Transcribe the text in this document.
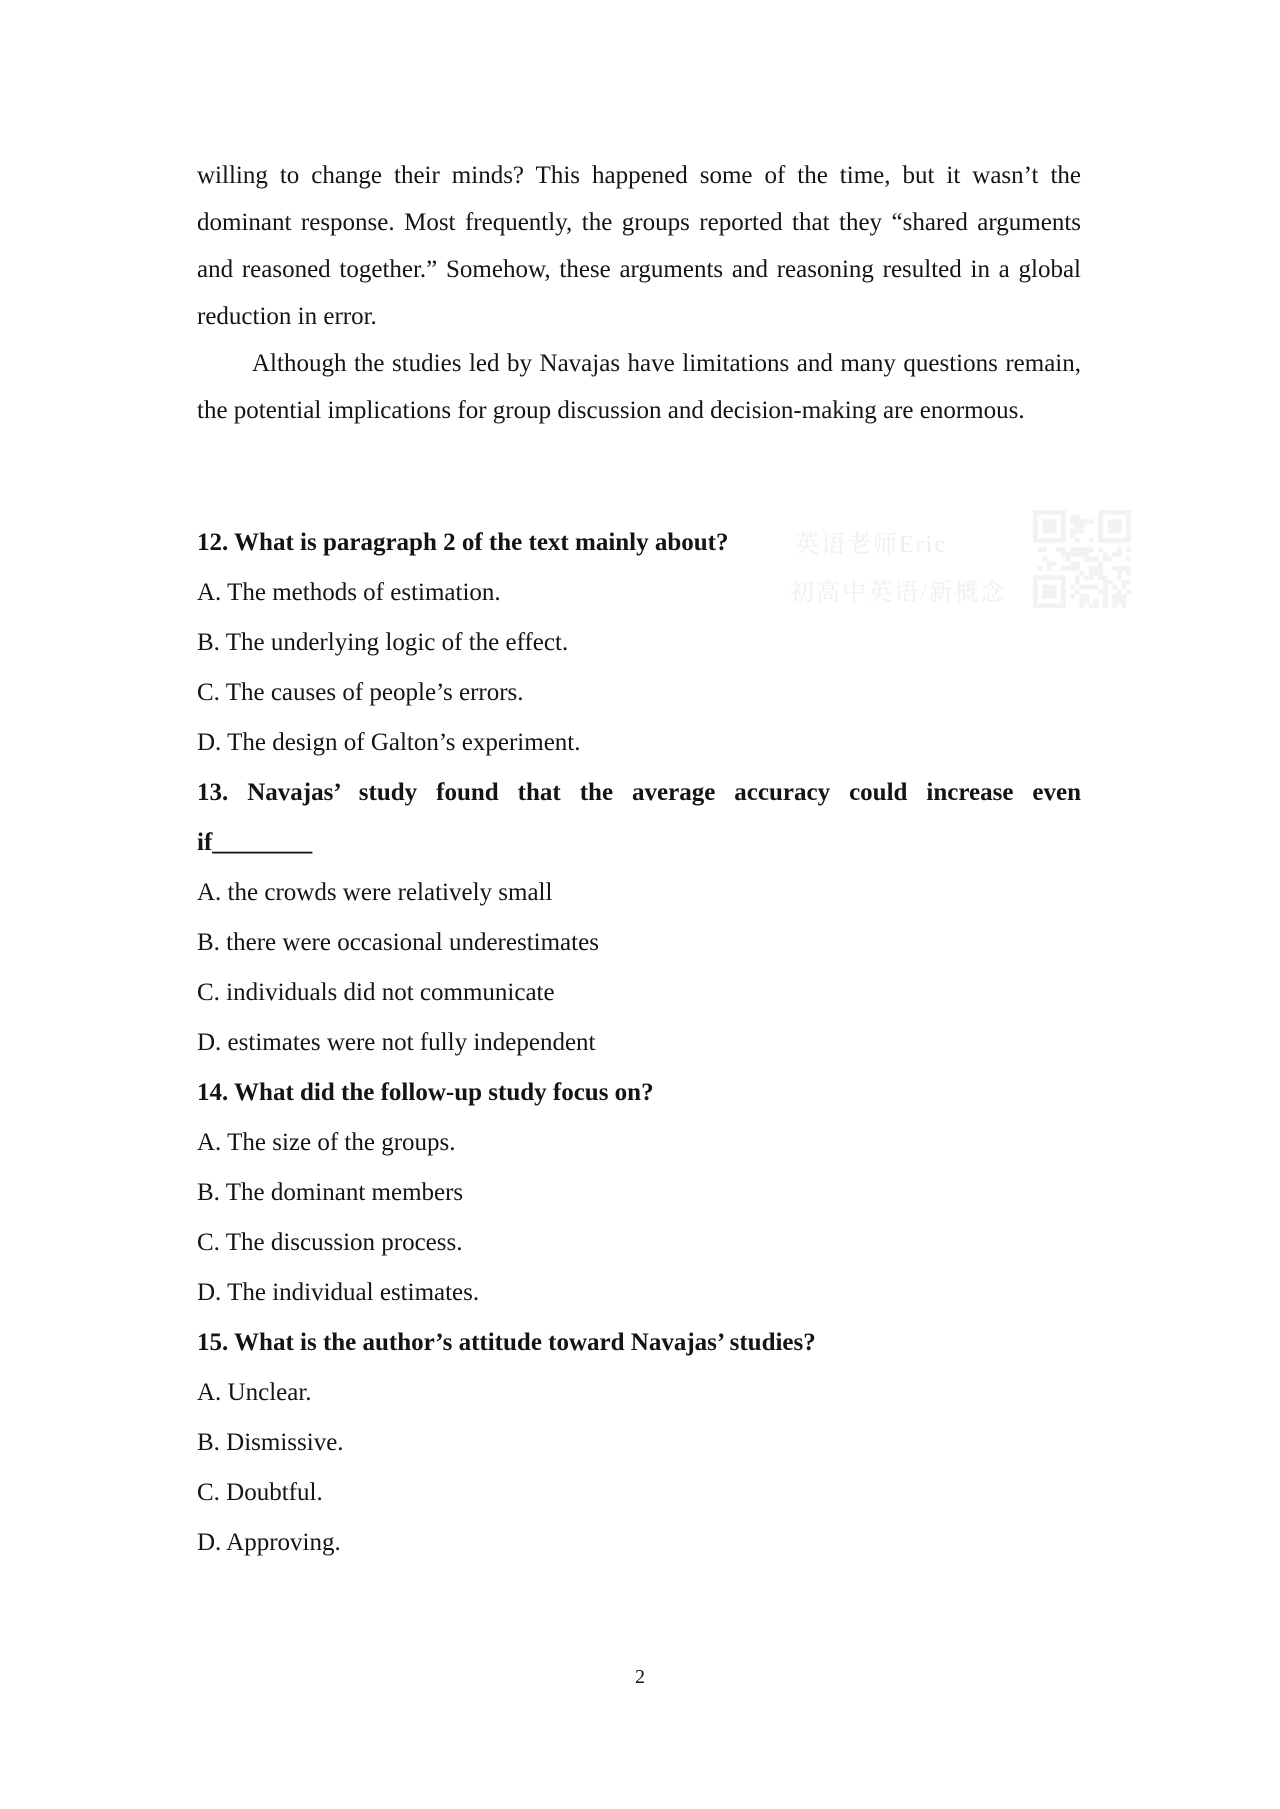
英语老师Eric
初高中英语/新概念
willing to change their minds? This happened some of the time, but it wasn’t the
dominant response. Most frequently, the groups reported that they “shared arguments
and reasoned together.” Somehow, these arguments and reasoning resulted in a global
reduction in error.
Although the studies led by Navajas have limitations and many questions remain,
the potential implications for group discussion and decision-making are enormous.
12. What is paragraph 2 of the text mainly about?
A. The methods of estimation.
B. The underlying logic of the effect.
C. The causes of people’s errors.
D. The design of Galton’s experiment.
13. Navajas’ study found that the average accuracy could increase even
if________
A. the crowds were relatively small
B. there were occasional underestimates
C. individuals did not communicate
D. estimates were not fully independent
14. What did the follow-up study focus on?
A. The size of the groups.
B. The dominant members
C. The discussion process.
D. The individual estimates.
15. What is the author’s attitude toward Navajas’ studies?
A. Unclear.
B. Dismissive.
C. Doubtful.
D. Approving.
2
